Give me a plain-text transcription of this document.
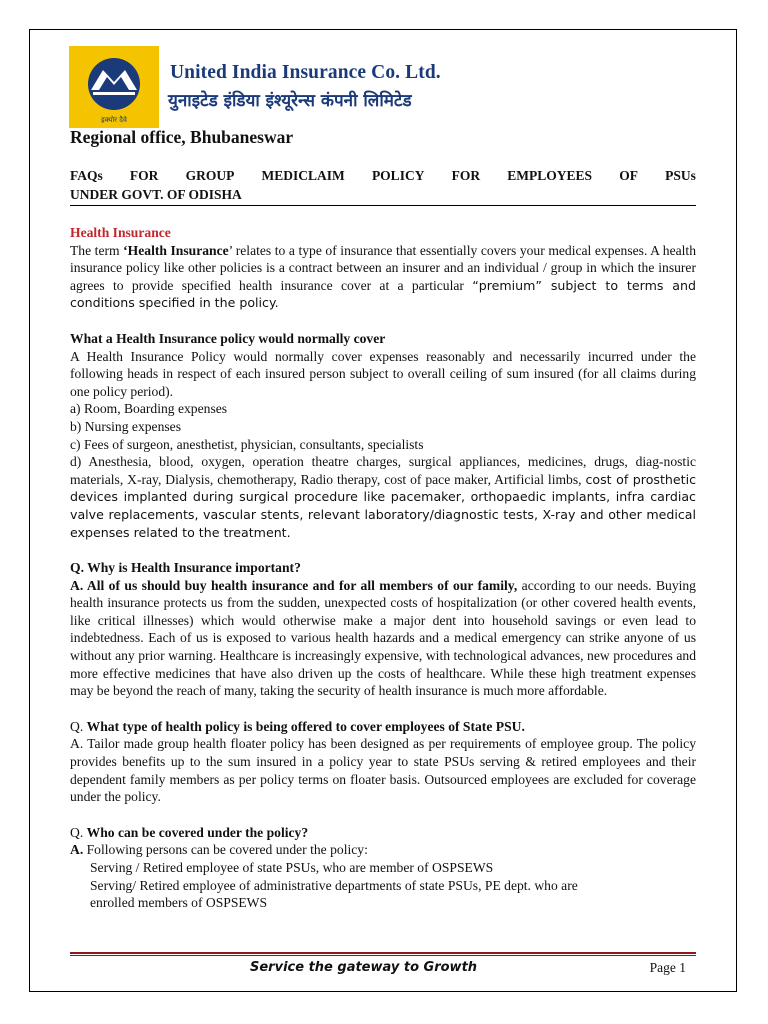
इक्योर दैवे
United India Insurance Co. Ltd.
युनाइटेड इंडिया इंश्यूरेन्स कंपनी लिमिटेड
Regional office, Bhubaneswar
FAQs FOR GROUP MEDICLAIM POLICY FOR EMPLOYEES OF PSUs
UNDER GOVT. OF ODISHA

Health Insurance

The term ‘Health Insurance’ relates to a type of insurance that essentially covers your medical expenses. A health insurance policy like other policies is a contract between an insurer and an individual / group in which the insurer agrees to provide specified health insurance cover at a particular “premium” subject to terms and conditions specified in the policy.

What a Health Insurance policy would normally cover

A Health Insurance Policy would normally cover expenses reasonably and necessarily incurred under the following heads in respect of each insured person subject to overall ceiling of sum insured (for all claims during one policy period).

a) Room, Boarding expenses

b) Nursing expenses

c) Fees of surgeon, anesthetist, physician, consultants, specialists

d) Anesthesia, blood, oxygen, operation theatre charges, surgical appliances, medicines, drugs, diag-nostic materials, X-ray, Dialysis, chemotherapy, Radio therapy, cost of pace maker, Artificial limbs, cost of prosthetic devices implanted during surgical procedure like pacemaker, orthopaedic implants, infra cardiac valve replacements, vascular stents, relevant laboratory/diagnostic tests, X-ray and other medical expenses related to the treatment.

Q. Why is Health Insurance important?

A. All of us should buy health insurance and for all members of our family, according to our needs. Buying health insurance protects us from the sudden, unexpected costs of hospitalization (or other covered health events, like critical illnesses) which would otherwise make a major dent into household savings or even lead to indebtedness. Each of us is exposed to various health hazards and a medical emergency can strike anyone of us without any prior warning. Healthcare is increasingly expensive, with technological advances, new procedures and more effective medicines that have also driven up the costs of healthcare. While these high treatment expenses may be beyond the reach of many, taking the security of health insurance is much more affordable.

Q. What type of health policy is being offered to cover employees of State PSU.

A. Tailor made group health floater policy has been designed as per requirements of employee group. The policy provides benefits up to the sum insured in a policy year to state PSUs serving & retired employees and their dependent family members as per policy terms on floater basis. Outsourced employees are excluded for coverage under the policy.

Q. Who can be covered under the policy?

A. Following persons can be covered under the policy:

Serving / Retired employee of state PSUs, who are member of OSPSEWS

Serving/ Retired employee of administrative departments of state PSUs, PE dept. who are

enrolled members of OSPSEWS

Service the gateway to Growth	Page 1
